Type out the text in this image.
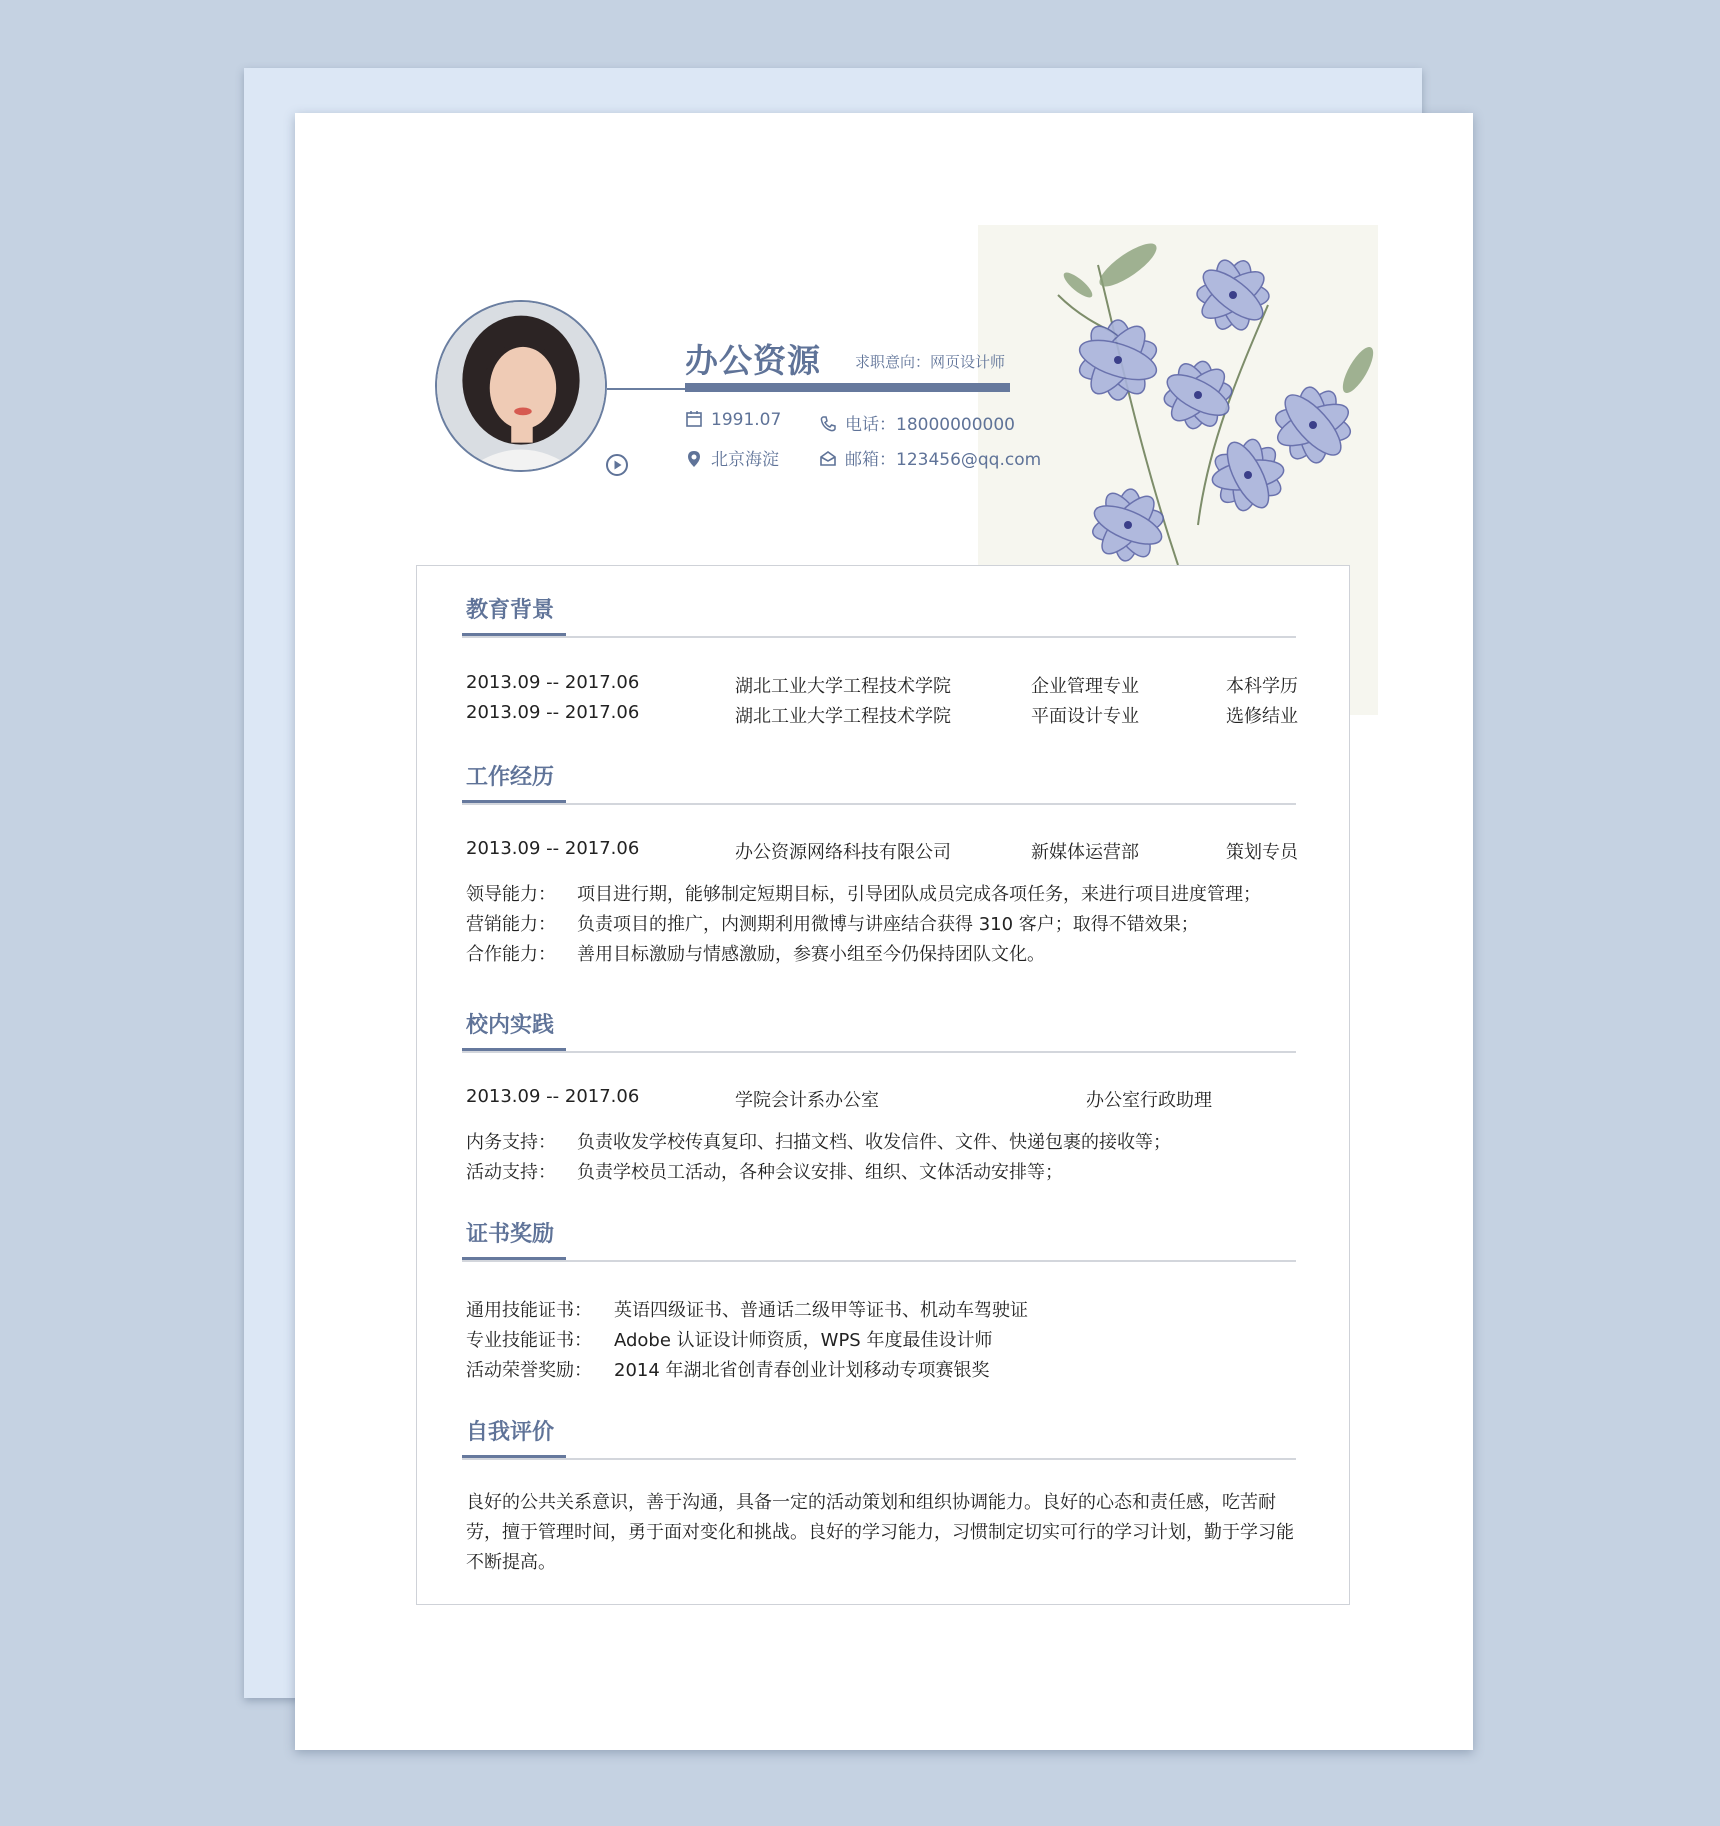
办公资源 求职意向：网页设计师
1991.07	电话：18000000000
北京海淀	邮箱：123456@qq.com
教育背景
2013.09 -- 2017.06	湖北工业大学工程技术学院	企业管理专业	本科学历
2013.09 -- 2017.06	湖北工业大学工程技术学院	平面设计专业	选修结业
工作经历
2013.09 -- 2017.06	办公资源网络科技有限公司	新媒体运营部	策划专员
领导能力： 项目进行期，能够制定短期目标，引导团队成员完成各项任务，来进行项目进度管理；
营销能力： 负责项目的推广，内测期利用微博与讲座结合获得 310 客户；取得不错效果；
合作能力： 善用目标激励与情感激励，参赛小组至今仍保持团队文化。
校内实践
2013.09 -- 2017.06	学院会计系办公室	办公室行政助理
内务支持： 负责收发学校传真复印、扫描文档、收发信件、文件、快递包裹的接收等；
活动支持： 负责学校员工活动，各种会议安排、组织、文体活动安排等；
证书奖励
通用技能证书： 英语四级证书、普通话二级甲等证书、机动车驾驶证
专业技能证书： Adobe 认证设计师资质，WPS 年度最佳设计师
活动荣誉奖励： 2014 年湖北省创青春创业计划移动专项赛银奖
自我评价
良好的公共关系意识，善于沟通，具备一定的活动策划和组织协调能力。良好的心态和责任感，吃苦耐劳，擅于管理时间，勇于面对变化和挑战。良好的学习能力，习惯制定切实可行的学习计划，勤于学习能不断提高。
